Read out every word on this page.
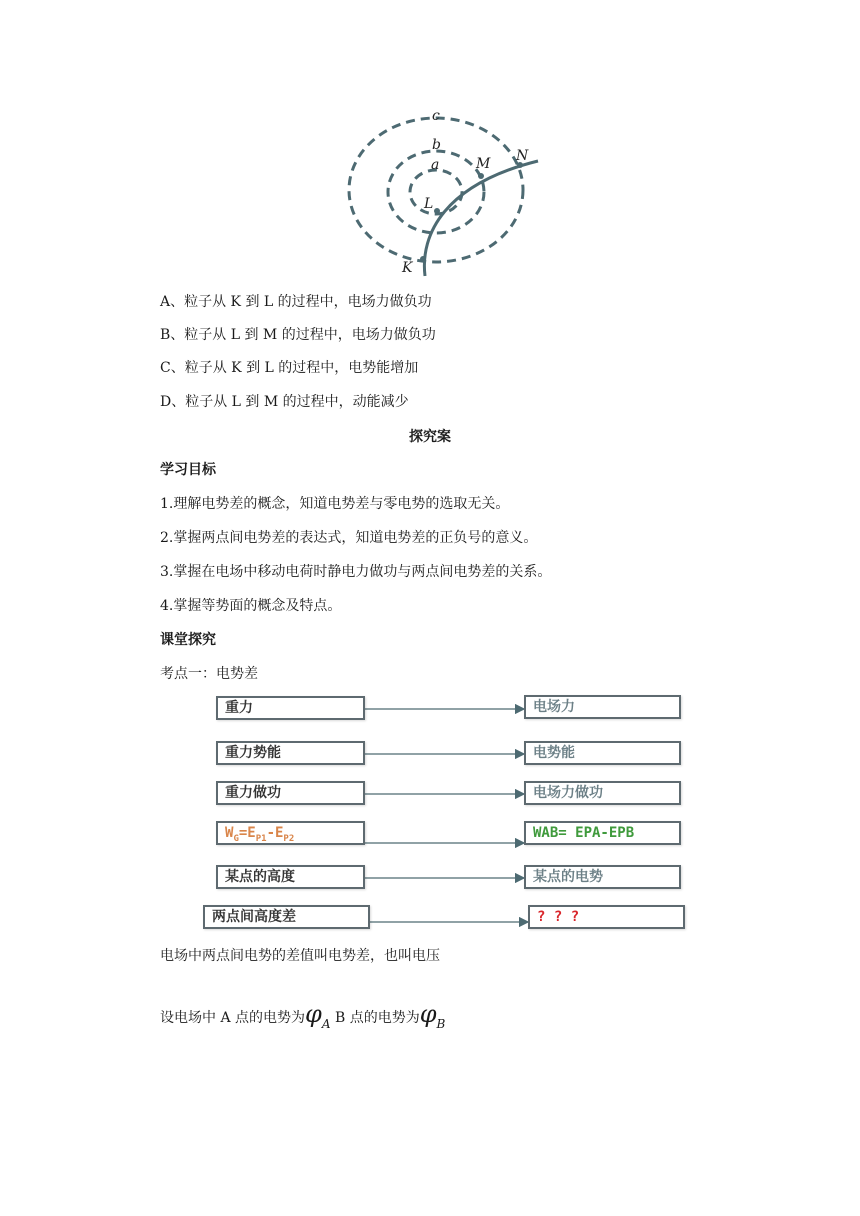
c
b
a
K
L
M N
A、粒子从 K 到 L 的过程中，电场力做负功
B、粒子从 L 到 M 的过程中，电场力做负功
C、粒子从 K 到 L 的过程中，电势能增加
D、粒子从 L 到 M 的过程中，动能减少
探究案
学习目标
1.理解电势差的概念，知道电势差与零电势的选取无关。
2.掌握两点间电势差的表达式，知道电势差的正负号的意义。
3.掌握在电场中移动电荷时静电力做功与两点间电势差的关系。
4.掌握等势面的概念及特点。
课堂探究
考点一：电势差
重力	电场力
重力势能	电势能
重力做功	电场力做功
$W_G=E_{P1}-E_{P2}$	WAB= EPA-EPB
某点的高度	某点的电势
两点间高度差	? ? ?
电场中两点间电势的差值叫电势差，也叫电压
设电场中 A 点的电势为$\varphi_A$ B 点的电势为$\varphi_B$
